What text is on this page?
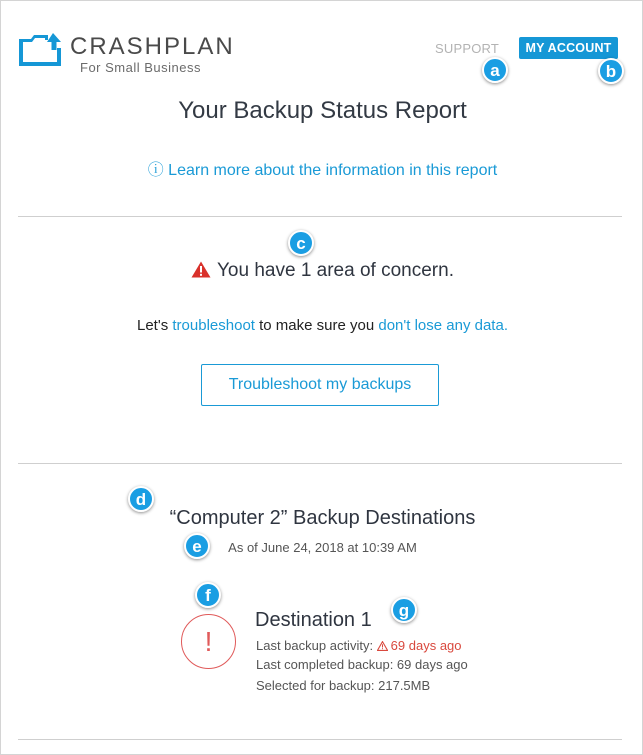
CRASHPLAN
For Small Business
SUPPORT	MY ACCOUNT
a	b
Your Backup Status Report
ⓘ Learn more about the information in this report
c
You have 1 area of concern.
Let's troubleshoot to make sure you don't lose any data.
Troubleshoot my backups
d
“Computer 2” Backup Destinations
e	As of June 24, 2018 at 10:39 AM
f
!
Destination 1	g
Last backup activity: 69 days ago
Last completed backup: 69 days ago
Selected for backup: 217.5MB
